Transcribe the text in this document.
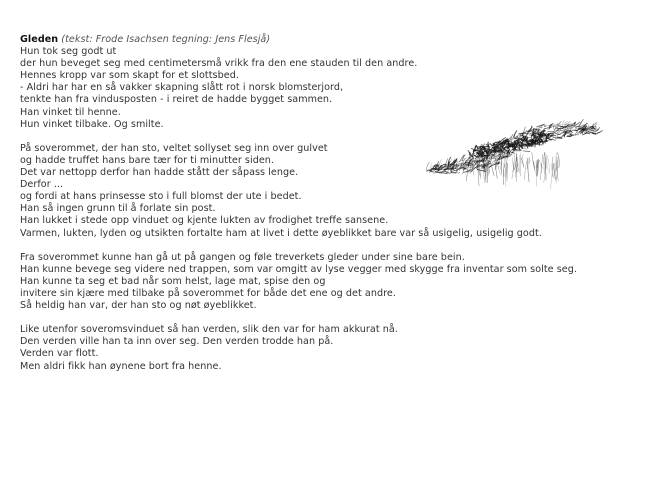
Gleden (tekst: Frode Isachsen tegning: Jens Flesjå)
Hun tok seg godt ut
der hun beveget seg med centimetersmå vrikk fra den ene stauden til den andre.
Hennes kropp var som skapt for et slottsbed.
- Aldri har har en så vakker skapning slått rot i norsk blomsterjord,
tenkte han fra vindusposten - i reiret de hadde bygget sammen.
Han vinket til henne.
Hun vinket tilbake. Og smilte.
På soverommet, der han sto, veltet sollyset seg inn over gulvet
og hadde truffet hans bare tær for ti minutter siden.
Det var nettopp derfor han hadde stått der såpass lenge.
Derfor ...
og fordi at hans prinsesse sto i full blomst der ute i bedet.
Han så ingen grunn til å forlate sin post.
Han lukket i stede opp vinduet og kjente lukten av frodighet treffe sansene.
Varmen, lukten, lyden og utsikten fortalte ham at livet i dette øyeblikket bare var så usigelig, usigelig godt.
Fra soverommet kunne han gå ut på gangen og føle treverkets gleder under sine bare bein.
Han kunne bevege seg videre ned trappen, som var omgitt av lyse vegger med skygge fra inventar som solte seg.
Han kunne ta seg et bad når som helst, lage mat, spise den og
invitere sin kjære med tilbake på soverommet for både det ene og det andre.
Så heldig han var, der han sto og nøt øyeblikket.
Like utenfor soveromsvinduet så han verden, slik den var for ham akkurat nå.
Den verden ville han ta inn over seg. Den verden trodde han på.
Verden var flott.
Men aldri fikk han øynene bort fra henne.
